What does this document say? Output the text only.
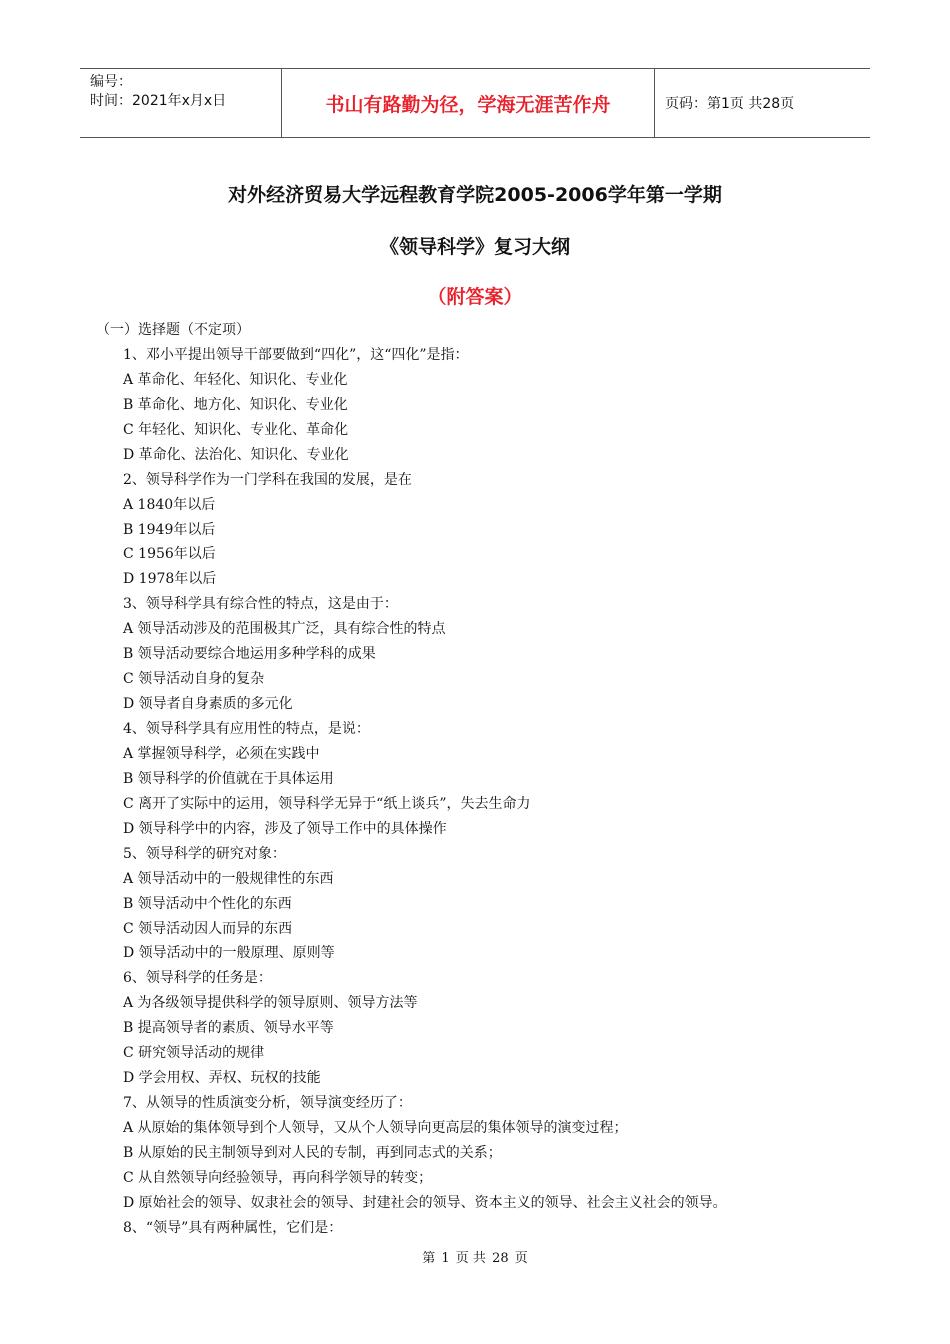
编号：
时间：2021年x月x日	书山有路勤为径，学海无涯苦作舟	页码：第1页 共28页
对外经济贸易大学远程教育学院2005-2006学年第一学期
《领导科学》复习大纲
（附答案）
（一）选择题（不定项）
1、邓小平提出领导干部要做到“四化”，这“四化”是指：
A 革命化、年轻化、知识化、专业化
B 革命化、地方化、知识化、专业化
C 年轻化、知识化、专业化、革命化
D 革命化、法治化、知识化、专业化
2、领导科学作为一门学科在我国的发展，是在
A 1840年以后
B 1949年以后
C 1956年以后
D 1978年以后
3、领导科学具有综合性的特点，这是由于：
A 领导活动涉及的范围极其广泛，具有综合性的特点
B 领导活动要综合地运用多种学科的成果
C 领导活动自身的复杂
D 领导者自身素质的多元化
4、领导科学具有应用性的特点，是说：
A 掌握领导科学，必须在实践中
B 领导科学的价值就在于具体运用
C 离开了实际中的运用，领导科学无异于“纸上谈兵”，失去生命力
D 领导科学中的内容，涉及了领导工作中的具体操作
5、领导科学的研究对象：
A 领导活动中的一般规律性的东西
B 领导活动中个性化的东西
C 领导活动因人而异的东西
D 领导活动中的一般原理、原则等
6、领导科学的任务是：
A 为各级领导提供科学的领导原则、领导方法等
B 提高领导者的素质、领导水平等
C 研究领导活动的规律
D 学会用权、弄权、玩权的技能
7、从领导的性质演变分析，领导演变经历了：
A 从原始的集体领导到个人领导，又从个人领导向更高层的集体领导的演变过程；
B 从原始的民主制领导到对人民的专制，再到同志式的关系；
C 从自然领导向经验领导，再向科学领导的转变；
D 原始社会的领导、奴隶社会的领导、封建社会的领导、资本主义的领导、社会主义社会的领导。
8、“领导”具有两种属性，它们是：
第 1 页 共 28 页
